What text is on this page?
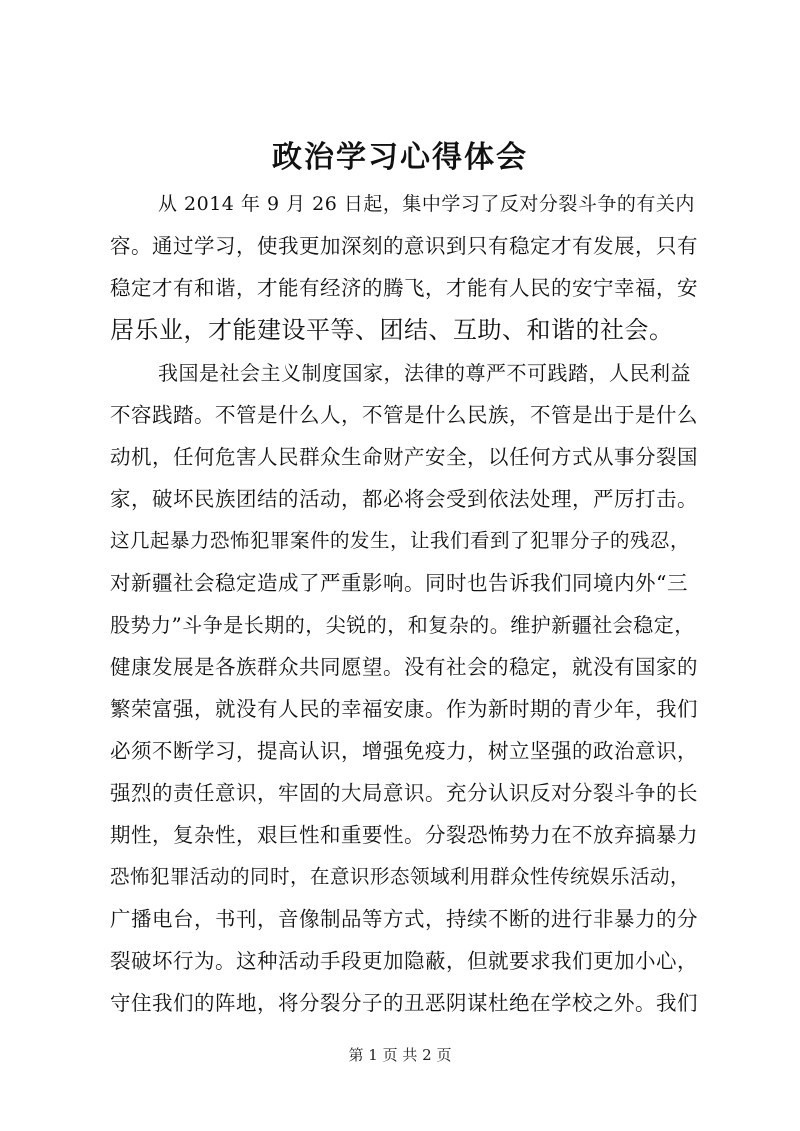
政治学习心得体会
从 2014 年 9 月 26 日起，集中学习了反对分裂斗争的有关内
容。通过学习，使我更加深刻的意识到只有稳定才有发展，只有
稳定才有和谐，才能有经济的腾飞，才能有人民的安宁幸福，安
居乐业，才能建设平等、团结、互助、和谐的社会。
我国是社会主义制度国家，法律的尊严不可践踏，人民利益
不容践踏。不管是什么人，不管是什么民族，不管是出于是什么
动机，任何危害人民群众生命财产安全，以任何方式从事分裂国
家，破坏民族团结的活动，都必将会受到依法处理，严厉打击。
这几起暴力恐怖犯罪案件的发生，让我们看到了犯罪分子的残忍，
对新疆社会稳定造成了严重影响。同时也告诉我们同境内外“三
股势力”斗争是长期的，尖锐的，和复杂的。维护新疆社会稳定，
健康发展是各族群众共同愿望。没有社会的稳定，就没有国家的
繁荣富强，就没有人民的幸福安康。作为新时期的青少年，我们
必须不断学习，提高认识，增强免疫力，树立坚强的政治意识，
强烈的责任意识，牢固的大局意识。充分认识反对分裂斗争的长
期性，复杂性，艰巨性和重要性。分裂恐怖势力在不放弃搞暴力
恐怖犯罪活动的同时，在意识形态领域利用群众性传统娱乐活动，
广播电台，书刊，音像制品等方式，持续不断的进行非暴力的分
裂破坏行为。这种活动手段更加隐蔽，但就要求我们更加小心，
守住我们的阵地，将分裂分子的丑恶阴谋杜绝在学校之外。我们
第 1 页 共 2 页
